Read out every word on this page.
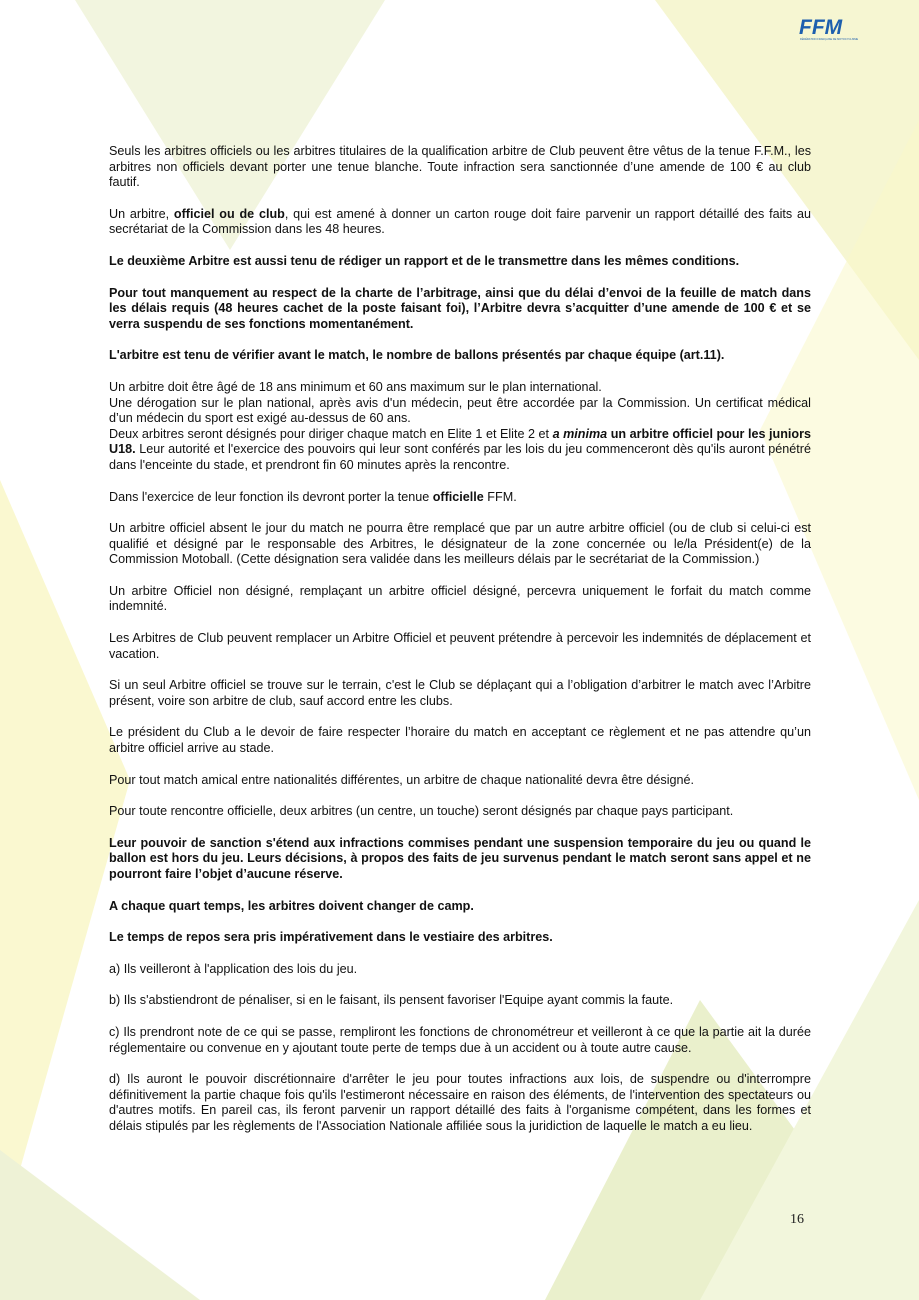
FFM
FÉDÉRATION FRANÇAISE DE MOTOCYCLISME

Seuls les arbitres officiels ou les arbitres titulaires de la qualification arbitre de Club peuvent être vêtus de la tenue F.F.M., les arbitres non officiels devant porter une tenue blanche. Toute infraction sera sanctionnée d’une amende de 100 € au club fautif.

Un arbitre, officiel ou de club, qui est amené à donner un carton rouge doit faire parvenir un rapport détaillé des faits au secrétariat de la Commission dans les 48 heures.

Le deuxième Arbitre est aussi tenu de rédiger un rapport et de le transmettre dans les mêmes conditions.

Pour tout manquement au respect de la charte de l’arbitrage, ainsi que du délai d’envoi de la feuille de match dans les délais requis (48 heures cachet de la poste faisant foi), l’Arbitre devra s’acquitter d’une amende de 100 € et se verra suspendu de ses fonctions momentanément.

L'arbitre est tenu de vérifier avant le match, le nombre de ballons présentés par chaque équipe (art.11).

Un arbitre doit être âgé de 18 ans minimum et 60 ans maximum sur le plan international.

Une dérogation sur le plan national, après avis d'un médecin, peut être accordée par la Commission. Un certificat médical d’un médecin du sport est exigé au-dessus de 60 ans.

Deux arbitres seront désignés pour diriger chaque match en Elite 1 et Elite 2 et a minima un arbitre officiel pour les juniors U18. Leur autorité et l'exercice des pouvoirs qui leur sont conférés par les lois du jeu commenceront dès qu'ils auront pénétré dans l'enceinte du stade, et prendront fin 60 minutes après la rencontre.

Dans l'exercice de leur fonction ils devront porter la tenue officielle FFM.

Un arbitre officiel absent le jour du match ne pourra être remplacé que par un autre arbitre officiel (ou de club si celui-ci est qualifié et désigné par le responsable des Arbitres, le désignateur de la zone concernée ou le/la Président(e) de la Commission Motoball. (Cette désignation sera validée dans les meilleurs délais par le secrétariat de la Commission.)

Un arbitre Officiel non désigné, remplaçant un arbitre officiel désigné, percevra uniquement le forfait du match comme indemnité.

Les Arbitres de Club peuvent remplacer un Arbitre Officiel et peuvent prétendre à percevoir les indemnités de déplacement et vacation.

Si un seul Arbitre officiel se trouve sur le terrain, c'est le Club se déplaçant qui a l’obligation d’arbitrer le match avec l’Arbitre présent, voire son arbitre de club, sauf accord entre les clubs.

Le président du Club a le devoir de faire respecter l’horaire du match en acceptant ce règlement et ne pas attendre qu’un arbitre officiel arrive au stade.

Pour tout match amical entre nationalités différentes, un arbitre de chaque nationalité devra être désigné.

Pour toute rencontre officielle, deux arbitres (un centre, un touche) seront désignés par chaque pays participant.

Leur pouvoir de sanction s'étend aux infractions commises pendant une suspension temporaire du jeu ou quand le ballon est hors du jeu. Leurs décisions, à propos des faits de jeu survenus pendant le match seront sans appel et ne pourront faire l’objet d’aucune réserve.

A chaque quart temps, les arbitres doivent changer de camp.

Le temps de repos sera pris impérativement dans le vestiaire des arbitres.

a) Ils veilleront à l'application des lois du jeu.

b) Ils s'abstiendront de pénaliser, si en le faisant, ils pensent favoriser l'Equipe ayant commis la faute.

c) Ils prendront note de ce qui se passe, rempliront les fonctions de chronométreur et veilleront à ce que la partie ait la durée réglementaire ou convenue en y ajoutant toute perte de temps due à un accident ou à toute autre cause.

d) Ils auront le pouvoir discrétionnaire d'arrêter le jeu pour toutes infractions aux lois, de suspendre ou d'interrompre définitivement la partie chaque fois qu'ils l'estimeront nécessaire en raison des éléments, de l'intervention des spectateurs ou d'autres motifs. En pareil cas, ils feront parvenir un rapport détaillé des faits à l'organisme compétent, dans les formes et délais stipulés par les règlements de l'Association Nationale affiliée sous la juridiction de laquelle le match a eu lieu.

16
